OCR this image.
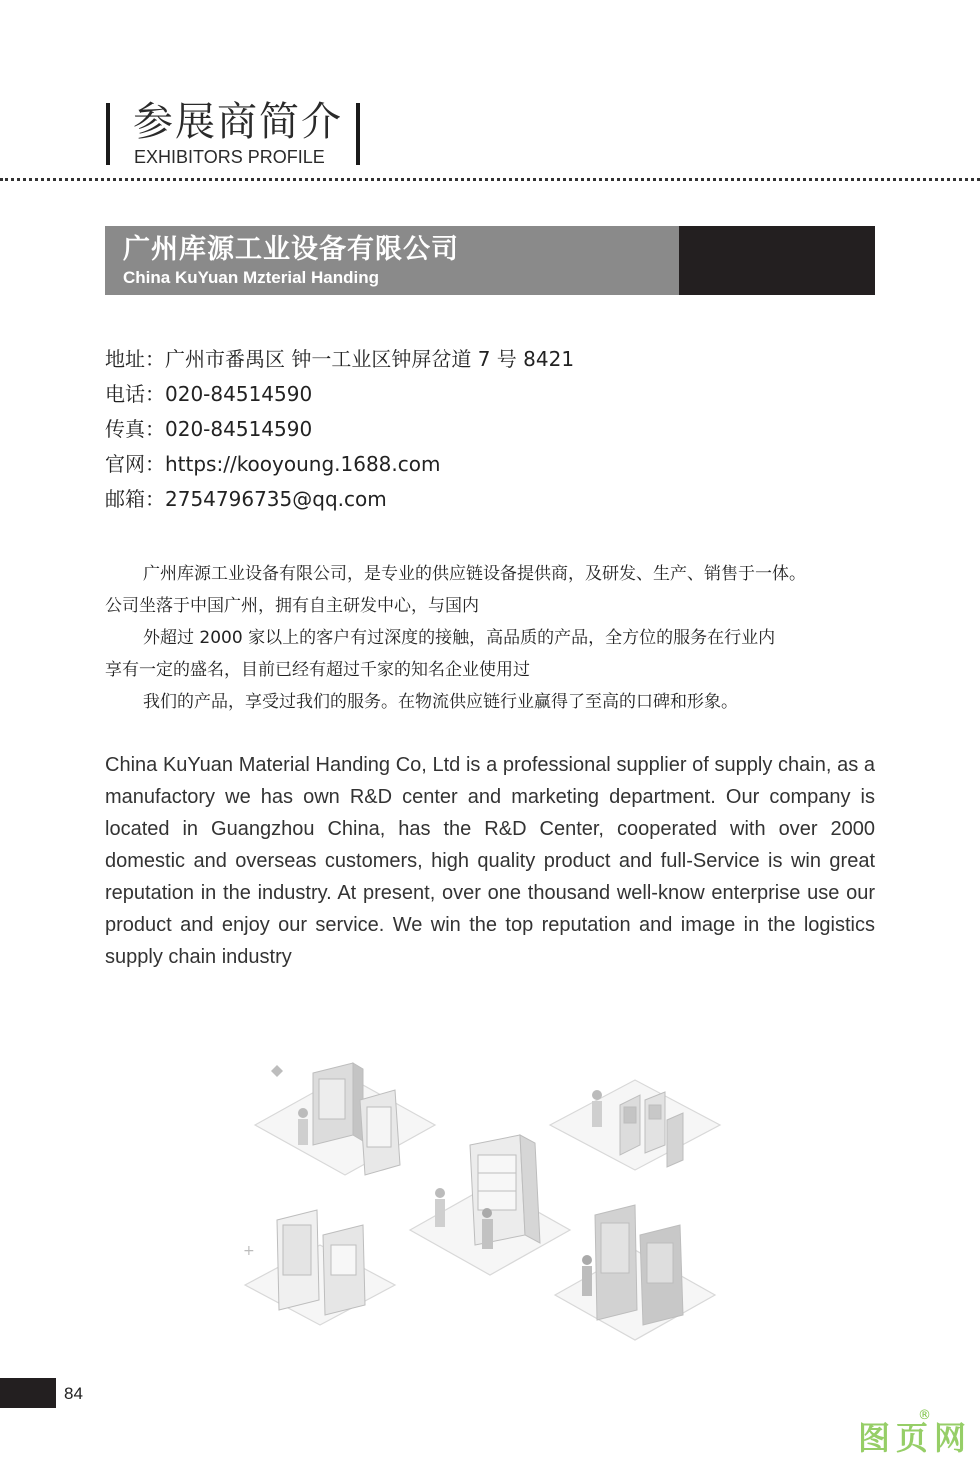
参展商简介
EXHIBITORS PROFILE
广州库源工业设备有限公司
China KuYuan Mzterial Handing
地址：广州市番禺区 钟一工业区钟屏岔道 7 号 8421
电话：020-84514590
传真：020-84514590
官网：https://kooyoung.1688.com
邮箱：2754796735@qq.com
广州库源工业设备有限公司，是专业的供应链设备提供商，及研发、生产、销售于一体。
公司坐落于中国广州，拥有自主研发中心，与国内
外超过 2000 家以上的客户有过深度的接触，高品质的产品，全方位的服务在行业内
享有一定的盛名，目前已经有超过千家的知名企业使用过
我们的产品，享受过我们的服务。在物流供应链行业赢得了至高的口碑和形象。
China KuYuan Material Handing Co, Ltd is a professional supplier of supply chain, as a manufactory we has own R&D center and marketing department. Our company is located in Guangzhou China, has the R&D Center, cooperated with over 2000 domestic and overseas customers, high quality product and full-Service is win great reputation in the industry. At present, over one thousand well-know enterprise use our product and enjoy our service. We win the top reputation and image in the logistics supply chain industry
+
84
图页网
®
